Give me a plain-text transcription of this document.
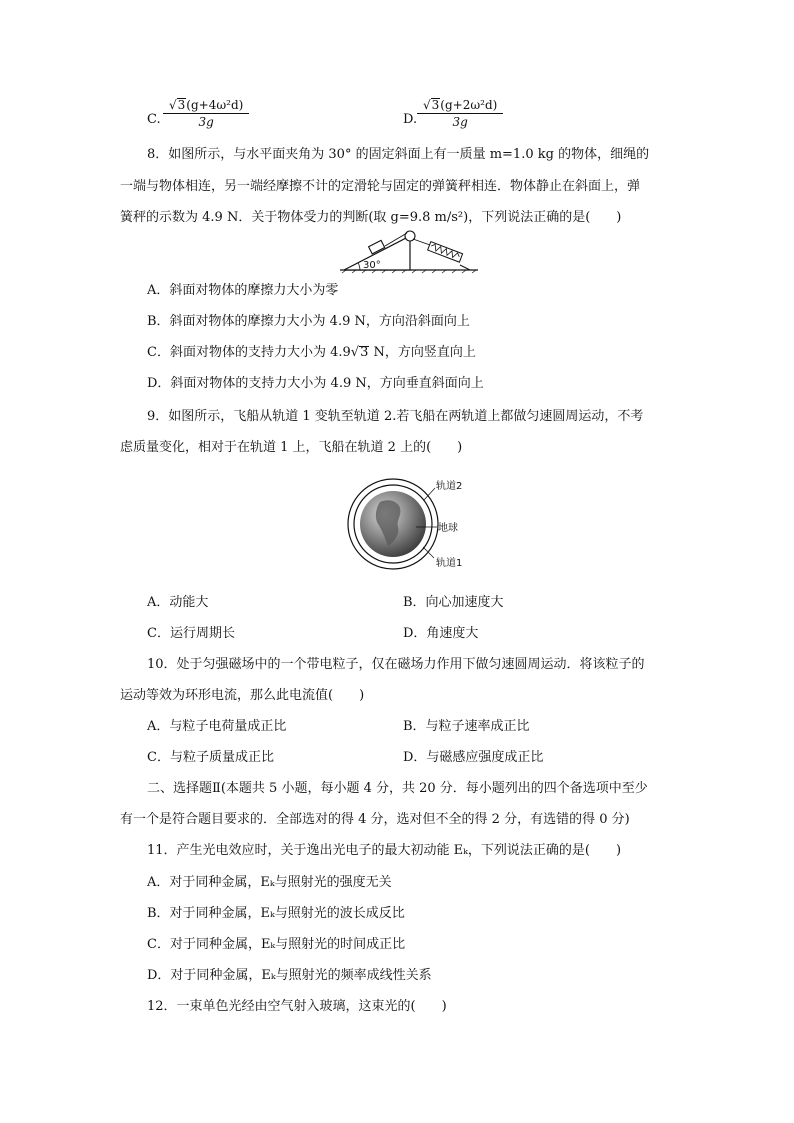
C. $\frac{\text{√3(g+4ω²d)}}{3g}$	D. $\frac{\text{√3(g+2ω²d)}}{3g}$
8．如图所示，与水平面夹角为 30° 的固定斜面上有一质量 m=1.0 kg 的物体，细绳的
一端与物体相连，另一端经摩擦不计的定滑轮与固定的弹簧秤相连．物体静止在斜面上，弹
簧秤的示数为 4.9 N．关于物体受力的判断(取 g=9.8 m/s²)，下列说法正确的是(　　)
30°
A．斜面对物体的摩擦力大小为零
B．斜面对物体的摩擦力大小为 4.9 N，方向沿斜面向上
C．斜面对物体的支持力大小为 4.9√3 N，方向竖直向上
D．斜面对物体的支持力大小为 4.9 N，方向垂直斜面向上
9．如图所示，飞船从轨道 1 变轨至轨道 2.若飞船在两轨道上都做匀速圆周运动，不考
虑质量变化，相对于在轨道 1 上，飞船在轨道 2 上的(　　)
轨道2
地球
轨道1
A．动能大	B．向心加速度大
C．运行周期长	D．角速度大
10．处于匀强磁场中的一个带电粒子，仅在磁场力作用下做匀速圆周运动．将该粒子的
运动等效为环形电流，那么此电流值(　　)
A．与粒子电荷量成正比	B．与粒子速率成正比
C．与粒子质量成正比	D．与磁感应强度成正比
二、选择题Ⅱ(本题共 5 小题，每小题 4 分，共 20 分．每小题列出的四个备选项中至少
有一个是符合题目要求的．全部选对的得 4 分，选对但不全的得 2 分，有选错的得 0 分)
11．产生光电效应时，关于逸出光电子的最大初动能 Eₖ，下列说法正确的是(　　)
A．对于同种金属，Eₖ与照射光的强度无关
B．对于同种金属，Eₖ与照射光的波长成反比
C．对于同种金属，Eₖ与照射光的时间成正比
D．对于同种金属，Eₖ与照射光的频率成线性关系
12．一束单色光经由空气射入玻璃，这束光的(　　)
